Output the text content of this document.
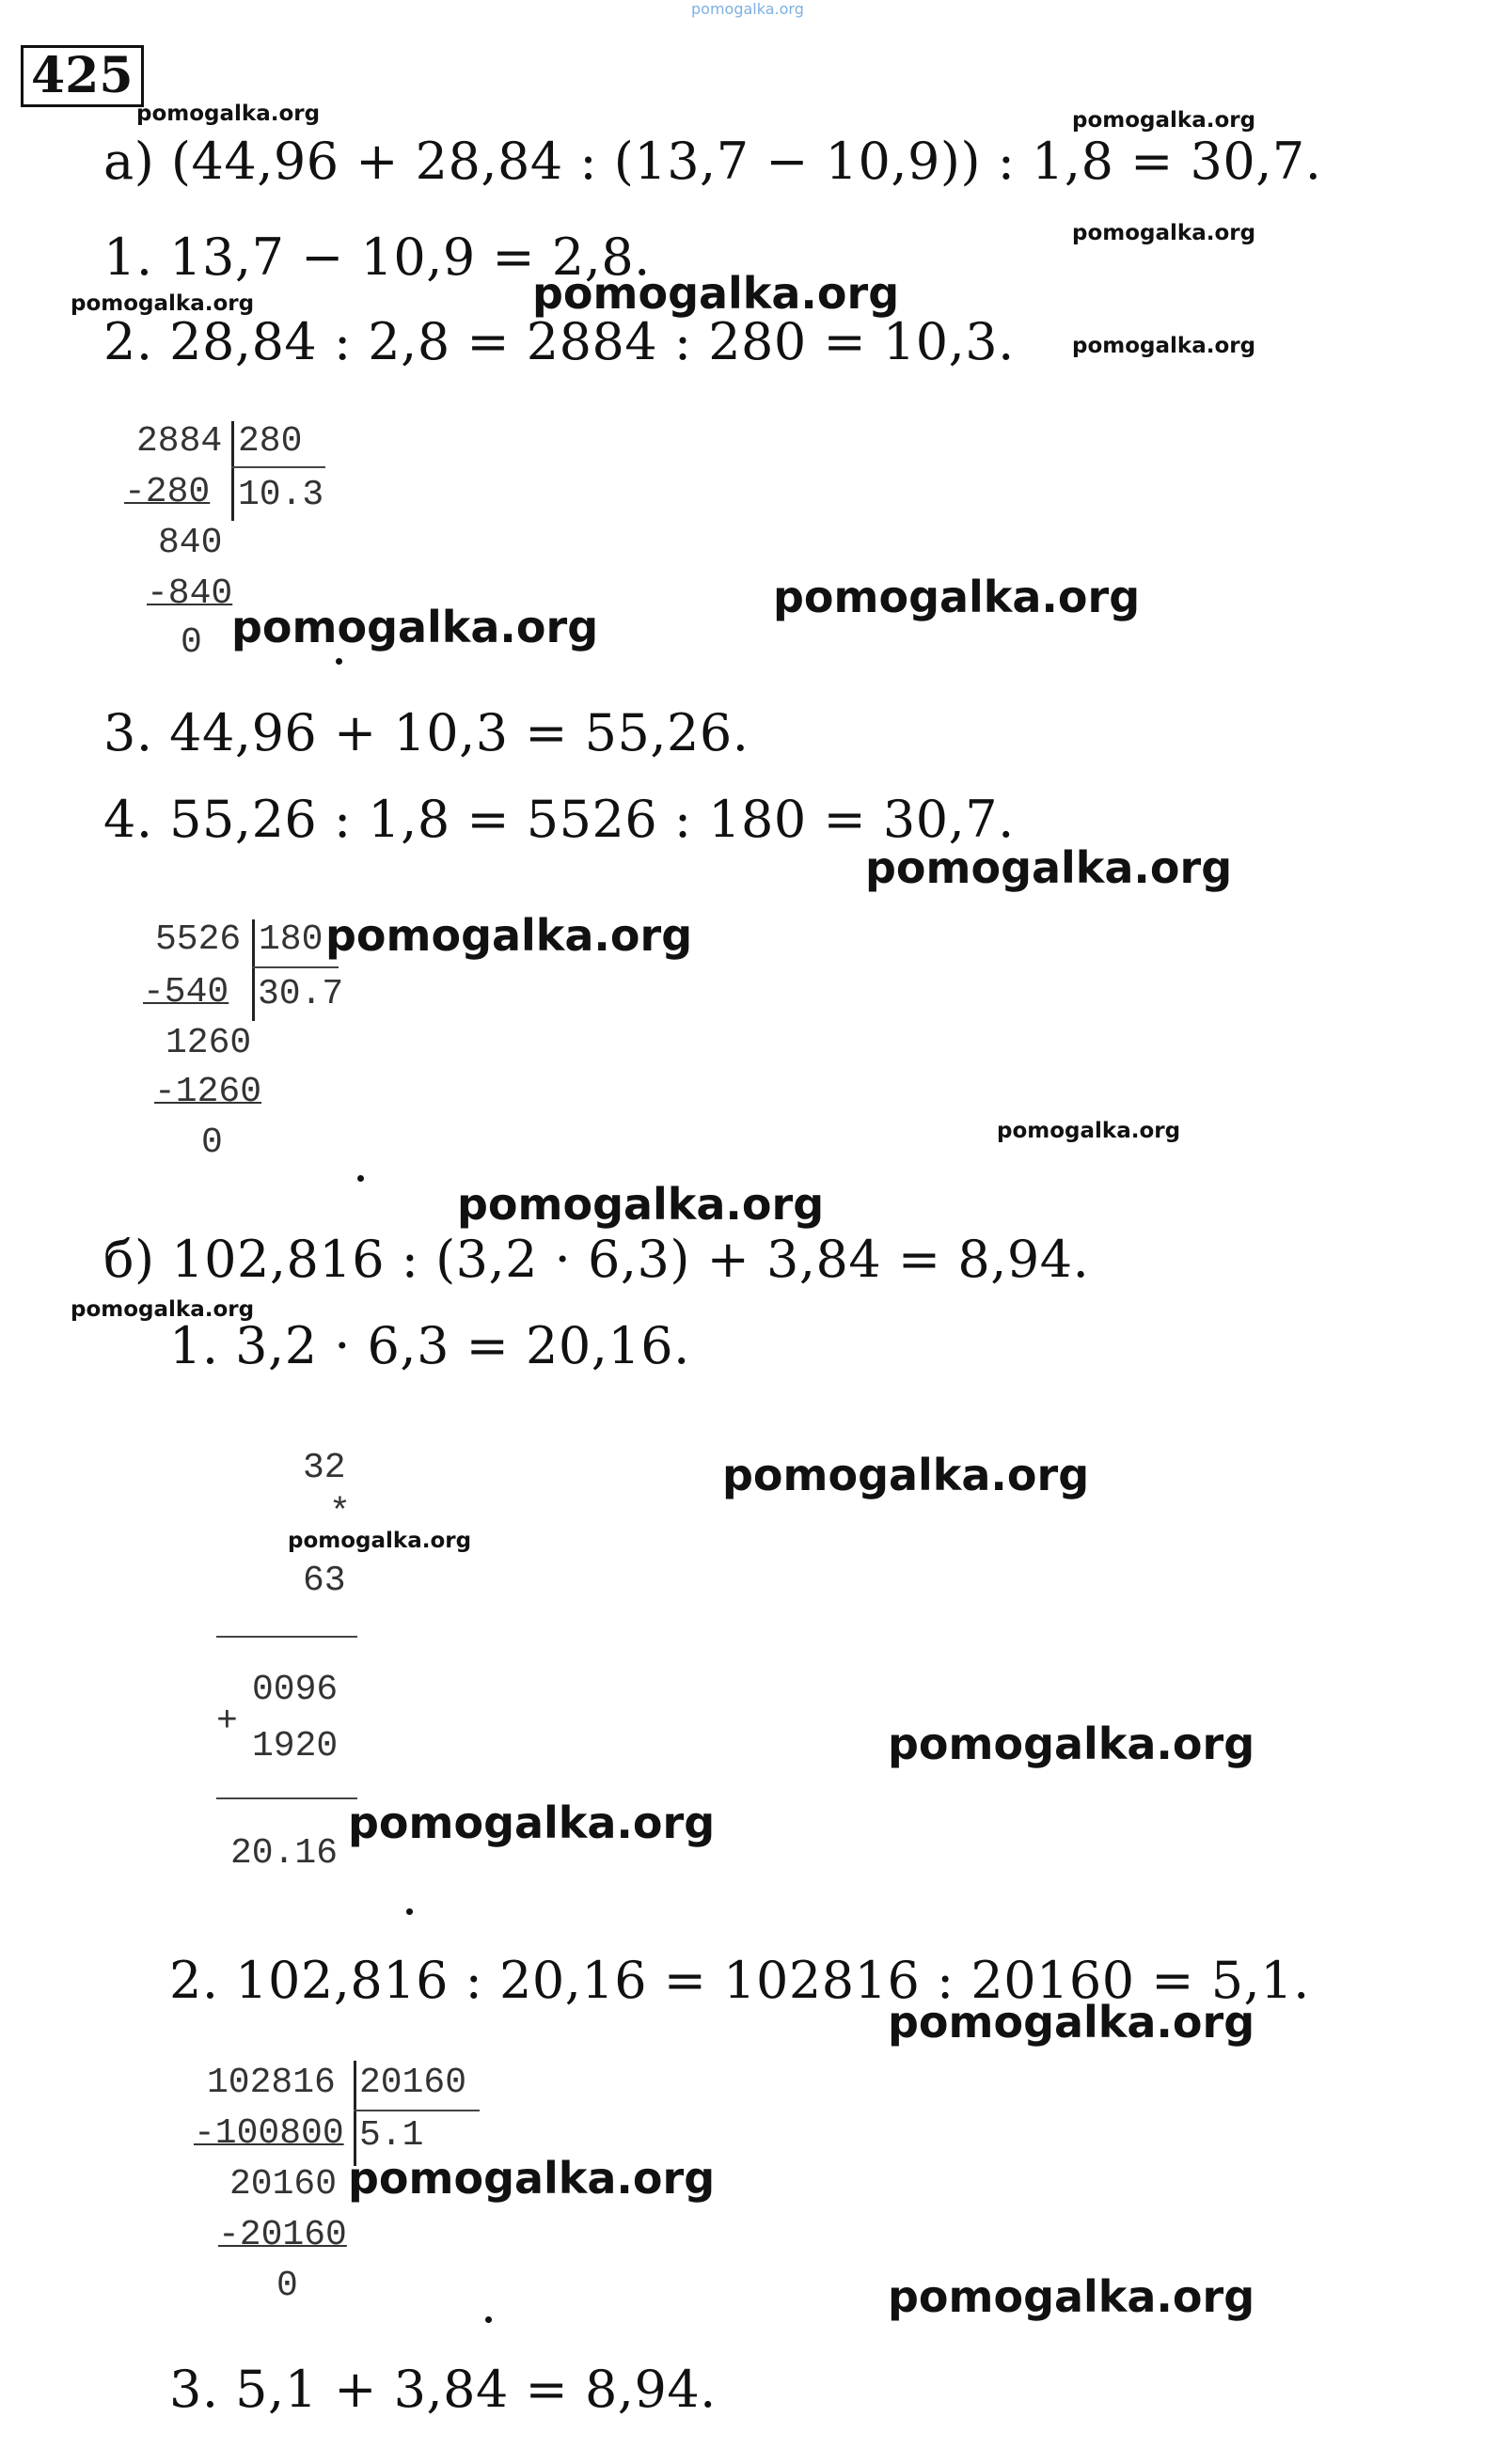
pomogalka.org
425
а) (44,96 + 28,84 : (13,7 − 10,9)) : 1,8 = 30,7.
1. 13,7 − 10,9 = 2,8.
2. 28,84 : 2,8 = 2884 : 280 = 10,3.
2884 280
-280 10.3
840
-840
0
3. 44,96 + 10,3 = 55,26.
4. 55,26 : 1,8 = 5526 : 180 = 30,7.
5526 180
-540 30.7
1260
-1260
0
б) 102,816 : (3,2 · 6,3) + 3,84 = 8,94.
1. 3,2 · 6,3 = 20,16.
32
*
63
0096
+
1920
20.16
2. 102,816 : 20,16 = 102816 : 20160 = 5,1.
102816 20160
-100800 5.1
20160
-20160
0
3. 5,1 + 3,84 = 8,94.
pomogalka.org	pomogalka.org
pomogalka.org
pomogalka.org	pomogalka.org
pomogalka.org
pomogalka.org
pomogalka.org
pomogalka.org
pomogalka.org
pomogalka.org
pomogalka.org
pomogalka.org
pomogalka.org
pomogalka.org
pomogalka.org
pomogalka.org
pomogalka.org
pomogalka.org
pomogalka.org
